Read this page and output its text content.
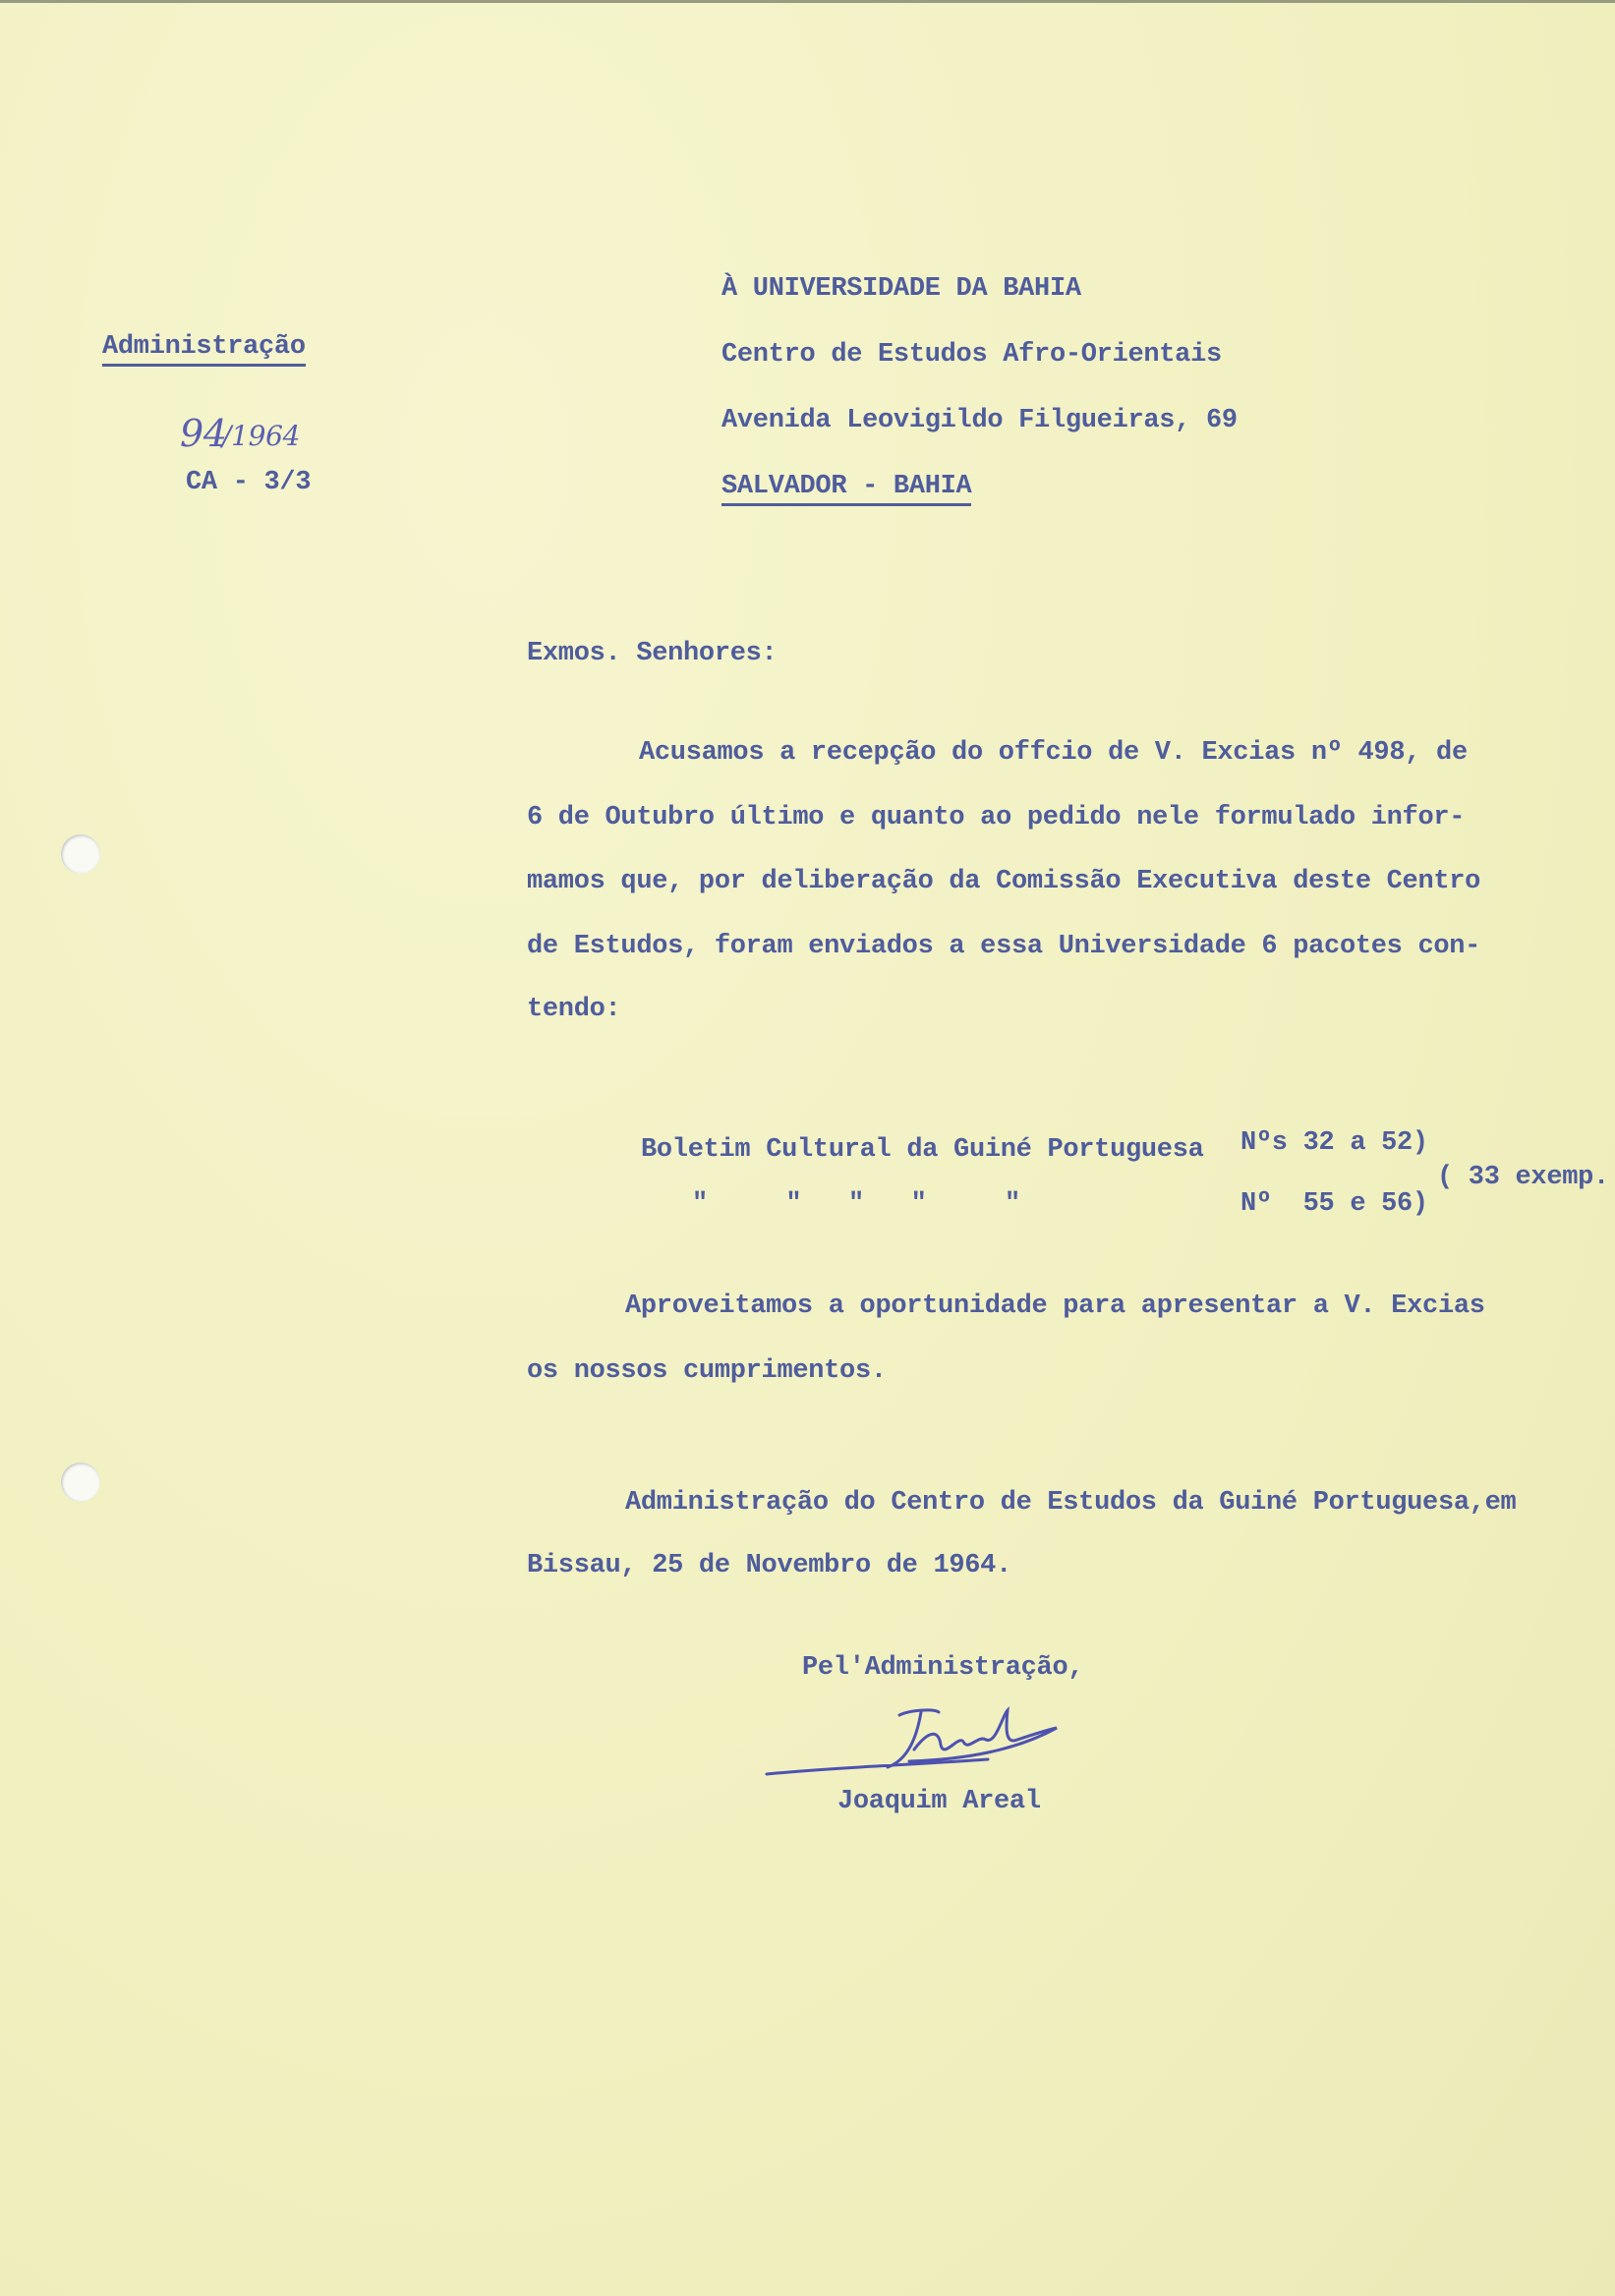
Administração
94
/1964
CA - 3/3
À UNIVERSIDADE DA BAHIA
Centro de Estudos Afro-Orientais
Avenida Leovigildo Filgueiras, 69
SALVADOR - BAHIA
Exmos. Senhores:
Acusamos a recepção do offcio de V. Excias nº 498, de
6 de Outubro último e quanto ao pedido nele formulado infor-
mamos que, por deliberação da Comissão Executiva deste Centro
de Estudos, foram enviados a essa Universidade 6 pacotes con-
tendo:
Boletim Cultural da Guiné Portuguesa Nºs 32 a 52)
"     "   "   "     "	Nº  55 e 56)
( 33 exemp.
Aproveitamos a oportunidade para apresentar a V. Excias
os nossos cumprimentos.
Administração do Centro de Estudos da Guiné Portuguesa,em
Bissau, 25 de Novembro de 1964.
Pel'Administração,
Joaquim Areal
